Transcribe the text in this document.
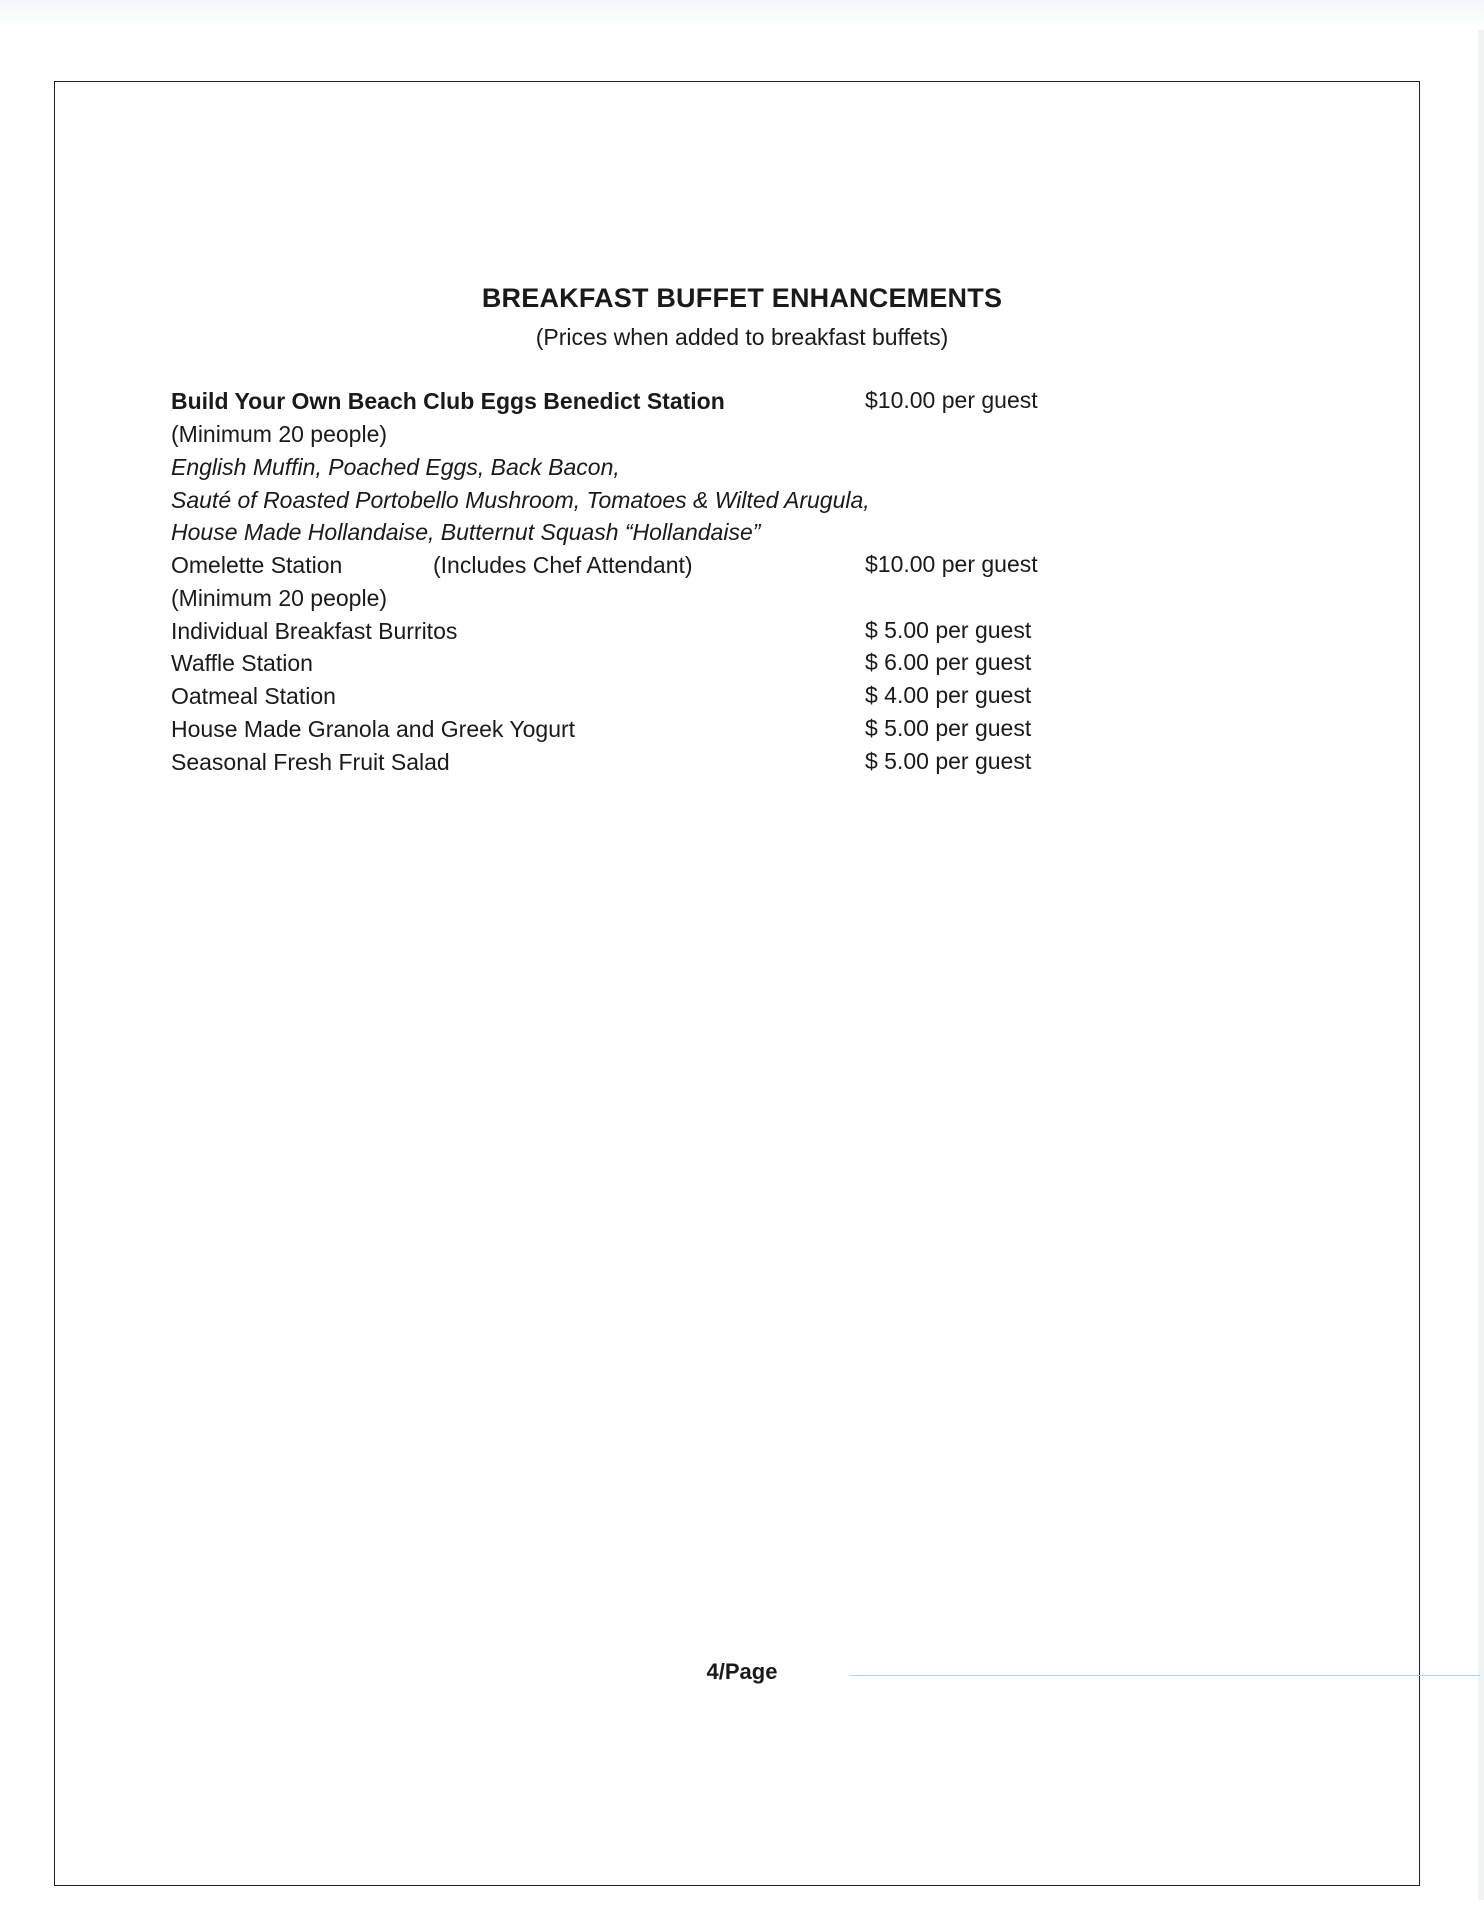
BREAKFAST BUFFET ENHANCEMENTS
(Prices when added to breakfast buffets)
Build Your Own Beach Club Eggs Benedict Station	$10.00 per guest
(Minimum 20 people)
English Muffin, Poached Eggs, Back Bacon,
Sauté of Roasted Portobello Mushroom, Tomatoes & Wilted Arugula,
House Made Hollandaise, Butternut Squash “Hollandaise”
Omelette Station	(Includes Chef Attendant)	$10.00 per guest
(Minimum 20 people)
Individual Breakfast Burritos	$ 5.00 per guest
Waffle Station	$ 6.00 per guest
Oatmeal Station	$ 4.00 per guest
House Made Granola and Greek Yogurt	$ 5.00 per guest
Seasonal Fresh Fruit Salad	$ 5.00 per guest
4/Page
